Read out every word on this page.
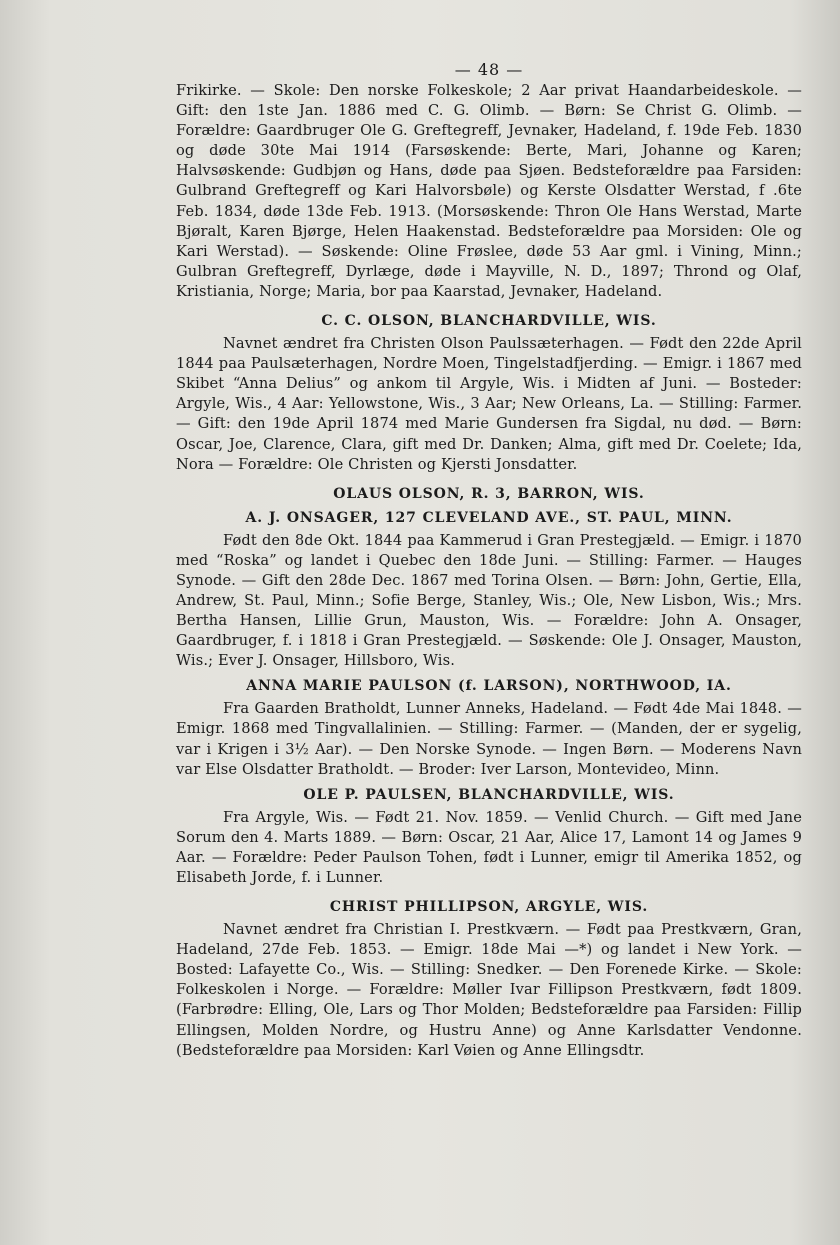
— 48 —

Frikirke. — Skole: Den norske Folkeskole; 2 Aar privat Haandarbeideskole. — Gift: den 1ste Jan. 1886 med C. G. Olimb. — Børn: Se Christ G. Olimb. — Forældre: Gaardbruger Ole G. Greftegreff, Jevnaker, Hadeland, f. 19de Feb. 1830 og døde 30te Mai 1914 (Farsøskende: Berte, Mari, Johanne og Karen; Halvsøskende: Gudbjøn og Hans, døde paa Sjøen. Bedsteforældre paa Farsiden: Gulbrand Greftegreff og Kari Halvorsbøle) og Kerste Olsdatter Werstad, f .6te Feb. 1834, døde 13de Feb. 1913. (Morsøskende: Thron Ole Hans Werstad, Marte Bjøralt, Karen Bjørge, Helen Haakenstad. Bedsteforældre paa Morsiden: Ole og Kari Werstad). — Søskende: Oline Frøslee, døde 53 Aar gml. i Vining, Minn.; Gulbran Greftegreff, Dyrlæge, døde i Mayville, N. D., 1897; Thrond og Olaf, Kristiania, Norge; Maria, bor paa Kaarstad, Jevnaker, Hadeland.

C. C. OLSON, BLANCHARDVILLE, WIS.

Navnet ændret fra Christen Olson Paulssæterhagen. — Født den 22de April 1844 paa Paulsæterhagen, Nordre Moen, Tingelstadfjerding. — Emigr. i 1867 med Skibet “Anna Delius” og ankom til Argyle, Wis. i Midten af Juni. — Bosteder: Argyle, Wis., 4 Aar: Yellowstone, Wis., 3 Aar; New Orleans, La. — Stilling: Farmer. — Gift: den 19de April 1874 med Marie Gundersen fra Sigdal, nu død. — Børn: Oscar, Joe, Clarence, Clara, gift med Dr. Danken; Alma, gift med Dr. Coelete; Ida, Nora — Forældre: Ole Christen og Kjersti Jonsdatter.

OLAUS OLSON, R. 3, BARRON, WIS.
A. J. ONSAGER, 127 CLEVELAND AVE., ST. PAUL, MINN.

Født den 8de Okt. 1844 paa Kammerud i Gran Prestegjæld. — Emigr. i 1870 med “Roska” og landet i Quebec den 18de Juni. — Stilling: Farmer. — Hauges Synode. — Gift den 28de Dec. 1867 med Torina Olsen. — Børn: John, Gertie, Ella, Andrew, St. Paul, Minn.; Sofie Berge, Stanley, Wis.; Ole, New Lisbon, Wis.; Mrs. Bertha Hansen, Lillie Grun, Mauston, Wis. — Forældre: John A. Onsager, Gaardbruger, f. i 1818 i Gran Prestegjæld. — Søskende: Ole J. Onsager, Mauston, Wis.; Ever J. Onsager, Hillsboro, Wis.

ANNA MARIE PAULSON (f. LARSON), NORTHWOOD, IA.

Fra Gaarden Bratholdt, Lunner Anneks, Hadeland. — Født 4de Mai 1848. — Emigr. 1868 med Tingvallalinien. — Stilling: Farmer. — (Manden, der er sygelig, var i Krigen i 3½ Aar). — Den Norske Synode. — Ingen Børn. — Moderens Navn var Else Olsdatter Bratholdt. — Broder: Iver Larson, Montevideo, Minn.

OLE P. PAULSEN, BLANCHARDVILLE, WIS.

Fra Argyle, Wis. — Født 21. Nov. 1859. — Venlid Church. — Gift med Jane Sorum den 4. Marts 1889. — Børn: Oscar, 21 Aar, Alice 17, Lamont 14 og James 9 Aar. — Forældre: Peder Paulson Tohen, født i Lunner, emigr til Amerika 1852, og Elisabeth Jorde, f. i Lunner.

CHRIST PHILLIPSON, ARGYLE, WIS.

Navnet ændret fra Christian I. Prestkværn. — Født paa Prestkværn, Gran, Hadeland, 27de Feb. 1853. — Emigr. 18de Mai —*) og landet i New York. — Bosted: Lafayette Co., Wis. — Stilling: Snedker. — Den Forenede Kirke. — Skole: Folkeskolen i Norge. — Forældre: Møller Ivar Fillipson Prestkværn, født 1809. (Farbrødre: Elling, Ole, Lars og Thor Molden; Bedsteforældre paa Farsiden: Fillip Ellingsen, Molden Nordre, og Hustru Anne) og Anne Karlsdatter Vendonne. (Bedsteforældre paa Morsiden: Karl Vøien og Anne Ellingsdtr.
